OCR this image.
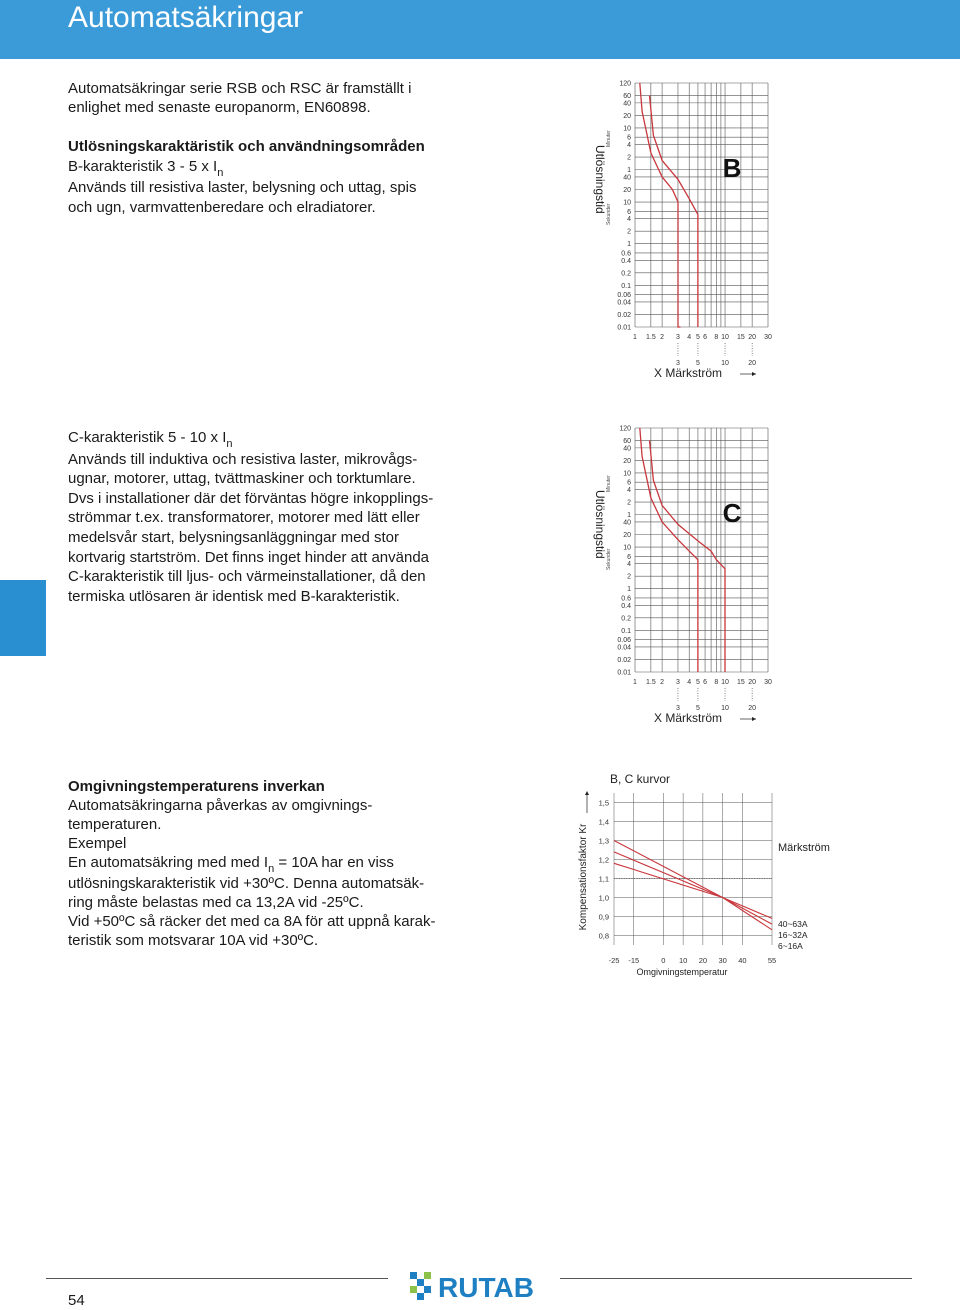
Automatsäkringar
Automatsäkringar serie RSB och RSC är framställt i
enlighet med senaste europanorm, EN60898.
Utlösningskaraktäristik och användningsområden
B-karakteristik 3 - 5 x $I_n$
Används till resistiva laster, belysning och uttag, spis
och ugn, varmvattenberedare och elradiatorer.
C-karakteristik 5 - 10 x $I_n$
Används till induktiva och resistiva laster, mikrovågs-
ugnar, motorer, uttag, tvättmaskiner och torktumlare.
Dvs i installationer där det förväntas högre inkopplings-
strömmar t.ex. transformatorer, motorer med lätt eller
medelsvår start, belysningsanläggningar med stor
kortvarig startström. Det finns inget hinder att använda
C-karakteristik till ljus- och värmeinstallationer, då den
termiska utlösaren är identisk med B-karakteristik.
Omgivningstemperaturens inverkan
Automatsäkringarna påverkas av omgivnings-
temperaturen.
Exempel
En automatsäkring med med $I_n = 10A$ har en viss
utlösningskarakteristik vid +30ºC. Denna automatsäk-
ring måste belastas med ca 13,2A vid -25ºC.
Vid +50ºC så räcker det med ca 8A för att uppnå karak-
teristik som motsvarar 10A vid +30ºC.
Utlösningstid
Minuter
Sekunder
120
60
40
20
10
6
4
2
1
40
20
10
6
4
2
1
0.6
0.4
0.2
0.1
0.06
0.04
0.02
0.01
1 1.5 2 3 4 5 6 8 10 15 20 30
3 5	10	20
X Märkström
B
Utlösningstid
Minuter
Sekunder
120
60
40
20
10
6
4
2
1
40
20
10
6
4
2
1
0.6
0.4
0.2
0.1
0.06
0.04
0.02
0.01
1 1.5 2 3 4 5 6 8 10 15 20 30
3 5	10	20
X Märkström
C
B, C kurvor
Kompensationsfaktor Kr
1,5
1,4
1,3
1,2
1,1
1,0
0,9
0,8
-25 -15	0 10 20 30 40	55
Omgivningstemperatur
Märkström
40~63A
16~32A
6~16A
54	RUTAB
